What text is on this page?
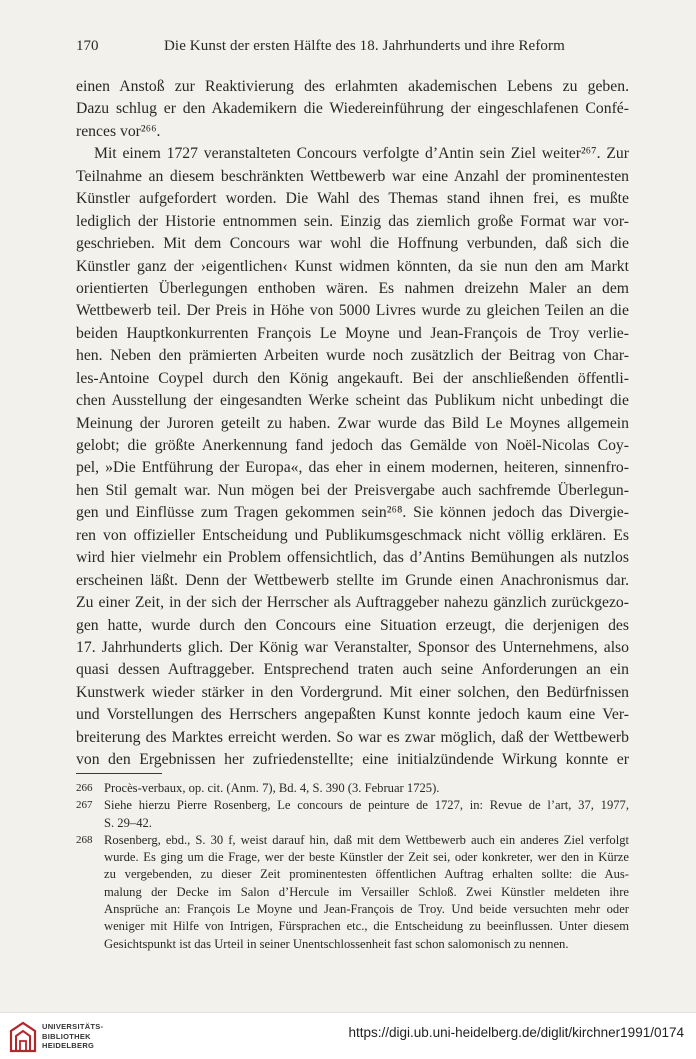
170	Die Kunst der ersten Hälfte des 18. Jahrhunderts und ihre Reform
einen Anstoß zur Reaktivierung des erlahmten akademischen Lebens zu geben.
Dazu schlug er den Akademikern die Wiedereinführung der eingeschlafenen Confé-
rences vor²⁶⁶.
Mit einem 1727 veranstalteten Concours verfolgte d’Antin sein Ziel weiter²⁶⁷. Zur
Teilnahme an diesem beschränkten Wettbewerb war eine Anzahl der prominentesten
Künstler aufgefordert worden. Die Wahl des Themas stand ihnen frei, es mußte
lediglich der Historie entnommen sein. Einzig das ziemlich große Format war vor-
geschrieben. Mit dem Concours war wohl die Hoffnung verbunden, daß sich die
Künstler ganz der ›eigentlichen‹ Kunst widmen könnten, da sie nun den am Markt
orientierten Überlegungen enthoben wären. Es nahmen dreizehn Maler an dem
Wettbewerb teil. Der Preis in Höhe von 5000 Livres wurde zu gleichen Teilen an die
beiden Hauptkonkurrenten François Le Moyne und Jean-François de Troy verlie-
hen. Neben den prämierten Arbeiten wurde noch zusätzlich der Beitrag von Char-
les-Antoine Coypel durch den König angekauft. Bei der anschließenden öffentli-
chen Ausstellung der eingesandten Werke scheint das Publikum nicht unbedingt die
Meinung der Juroren geteilt zu haben. Zwar wurde das Bild Le Moynes allgemein
gelobt; die größte Anerkennung fand jedoch das Gemälde von Noël-Nicolas Coy-
pel, »Die Entführung der Europa«, das eher in einem modernen, heiteren, sinnenfro-
hen Stil gemalt war. Nun mögen bei der Preisvergabe auch sachfremde Überlegun-
gen und Einflüsse zum Tragen gekommen sein²⁶⁸. Sie können jedoch das Divergie-
ren von offizieller Entscheidung und Publikumsgeschmack nicht völlig erklären. Es
wird hier vielmehr ein Problem offensichtlich, das d’Antins Bemühungen als nutzlos
erscheinen läßt. Denn der Wettbewerb stellte im Grunde einen Anachronismus dar.
Zu einer Zeit, in der sich der Herrscher als Auftraggeber nahezu gänzlich zurückgezo-
gen hatte, wurde durch den Concours eine Situation erzeugt, die derjenigen des
17. Jahrhunderts glich. Der König war Veranstalter, Sponsor des Unternehmens, also
quasi dessen Auftraggeber. Entsprechend traten auch seine Anforderungen an ein
Kunstwerk wieder stärker in den Vordergrund. Mit einer solchen, den Bedürfnissen
und Vorstellungen des Herrschers angepaßten Kunst konnte jedoch kaum eine Ver-
breiterung des Marktes erreicht werden. So war es zwar möglich, daß der Wettbewerb
von den Ergebnissen her zufriedenstellte; eine initialzündende Wirkung konnte er
266 Procès-verbaux, op. cit. (Anm. 7), Bd. 4, S. 390 (3. Februar 1725).
267 Siehe hierzu Pierre Rosenberg, Le concours de peinture de 1727, in: Revue de l’art, 37, 1977,
S. 29–42.
268 Rosenberg, ebd., S. 30 f, weist darauf hin, daß mit dem Wettbewerb auch ein anderes Ziel verfolgt
wurde. Es ging um die Frage, wer der beste Künstler der Zeit sei, oder konkreter, wer den in Kürze
zu vergebenden, zu dieser Zeit prominentesten öffentlichen Auftrag erhalten sollte: die Aus-
malung der Decke im Salon d’Hercule im Versailler Schloß. Zwei Künstler meldeten ihre
Ansprüche an: François Le Moyne und Jean-François de Troy. Und beide versuchten mehr oder
weniger mit Hilfe von Intrigen, Fürsprachen etc., die Entscheidung zu beeinflussen. Unter diesem
Gesichtspunkt ist das Urteil in seiner Unentschlossenheit fast schon salomonisch zu nennen.
UNIVERSITÄTS-
BIBLIOTHEK
HEIDELBERG
https://digi.ub.uni-heidelberg.de/diglit/kirchner1991/0174
